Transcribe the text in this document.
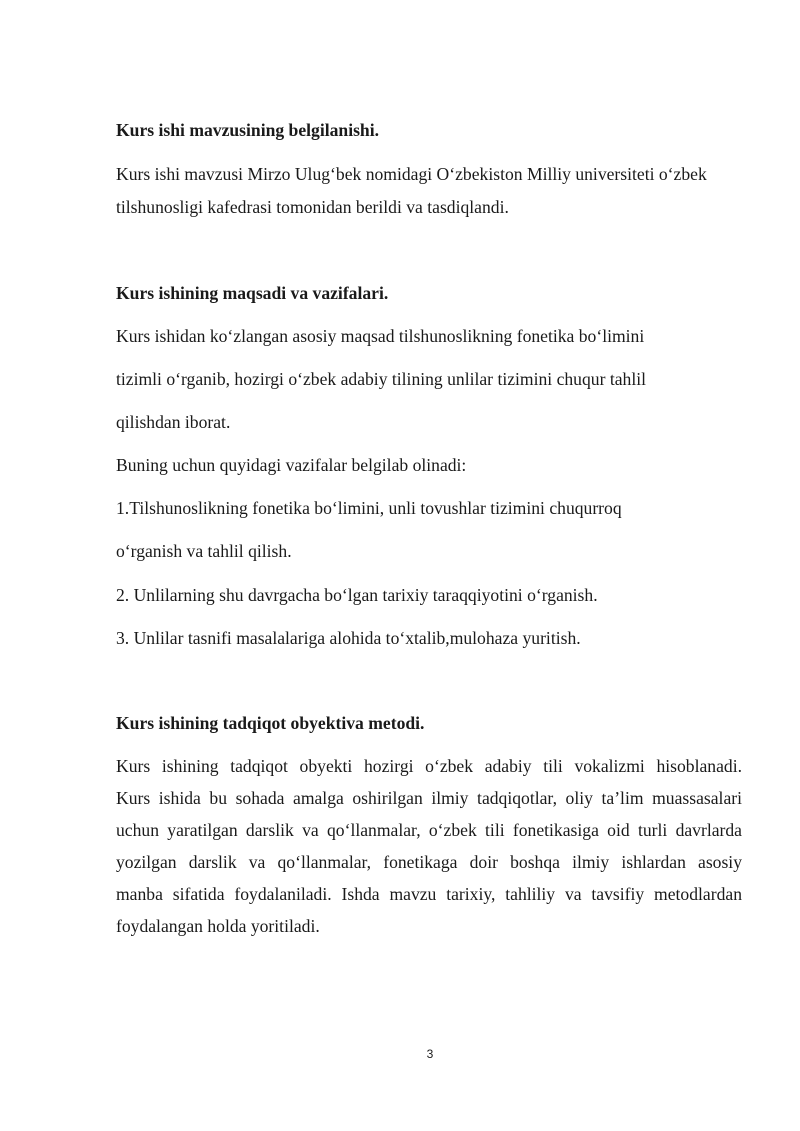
Kurs ishi mavzusining belgilanishi.

Kurs ishi mavzusi Mirzo Ulug‘bek nomidagi O‘zbekiston Milliy universiteti o‘zbek

tilshunosligi kafedrasi tomonidan berildi va tasdiqlandi.

Kurs ishining maqsadi va vazifalari.

Kurs ishidan ko‘zlangan asosiy maqsad tilshunoslikning fonetika bo‘limini

tizimli o‘rganib, hozirgi o‘zbek adabiy tilining unlilar tizimini chuqur tahlil

qilishdan iborat.

Buning uchun quyidagi vazifalar belgilab olinadi:

1.Tilshunoslikning fonetika bo‘limini, unli tovushlar tizimini chuqurroq

o‘rganish va tahlil qilish.

2. Unlilarning shu davrgacha bo‘lgan tarixiy taraqqiyotini o‘rganish.

3. Unlilar tasnifi masalalariga alohida to‘xtalib,mulohaza yuritish.

Kurs ishining tadqiqot obyektiva metodi.

Kurs ishining tadqiqot obyekti hozirgi o‘zbek adabiy tili vokalizmi hisoblanadi.
Kurs ishida bu sohada amalga oshirilgan ilmiy tadqiqotlar, oliy ta’lim muassasalari
uchun yaratilgan darslik va qo‘llanmalar, o‘zbek tili fonetikasiga oid turli davrlarda
yozilgan darslik va qo‘llanmalar, fonetikaga doir boshqa ilmiy ishlardan asosiy
manba sifatida foydalaniladi. Ishda mavzu tarixiy, tahliliy va tavsifiy metodlardan
foydalangan holda yoritiladi.
3
